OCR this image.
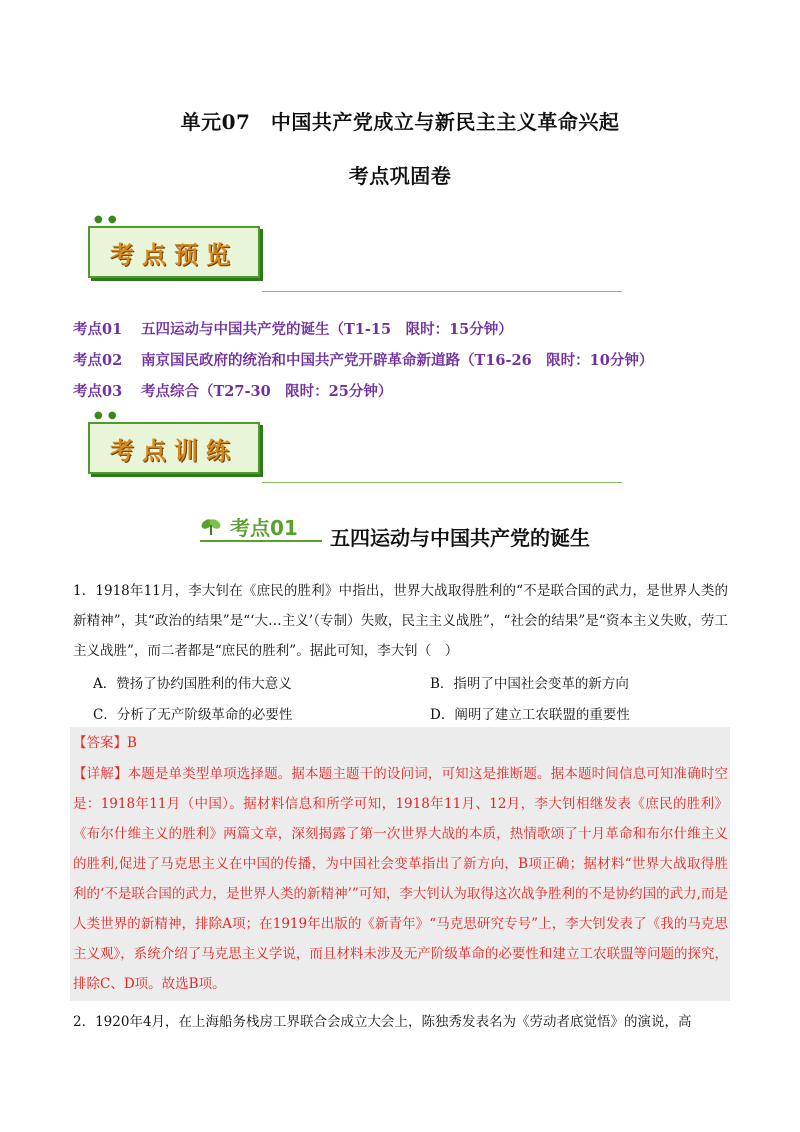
单元07　中国共产党成立与新民主主义革命兴起
考点巩固卷
● ●
考点预览
考点01 五四运动与中国共产党的诞生（T1-15　限时：15分钟）
考点02 南京国民政府的统治和中国共产党开辟革命新道路（T16-26　限时：10分钟）
考点03 考点综合（T27-30　限时：25分钟）
● ●
考点训练
考点01 五四运动与中国共产党的诞生
1．1918年11月，李大钊在《庶民的胜利》中指出，世界大战取得胜利的“不是联合国的武力，是世界人类的新精神”，其“政治的结果”是“‘大…主义’（专制）失败，民主主义战胜”，“社会的结果”是“资本主义失败，劳工主义战胜”，而二者都是“庶民的胜利”。据此可知，李大钊（　）
A．赞扬了协约国胜利的伟大意义	B．指明了中国社会变革的新方向
C．分析了无产阶级革命的必要性	D．阐明了建立工农联盟的重要性
【答案】B

【详解】本题是单类型单项选择题。据本题主题干的设问词，可知这是推断题。据本题时间信息可知准确时空是：1918年11月（中国）。据材料信息和所学可知，1918年11月、12月，李大钊相继发表《庶民的胜利》《布尔什维主义的胜利》两篇文章，深刻揭露了第一次世界大战的本质，热情歌颂了十月革命和布尔什维主义的胜利,促进了马克思主义在中国的传播，为中国社会变革指出了新方向，B项正确；据材料“世界大战取得胜利的‘不是联合国的武力，是世界人类的新精神’”可知，李大钊认为取得这次战争胜利的不是协约国的武力,而是人类世界的新精神，排除A项；在1919年出版的《新青年》“马克思研究专号”上，李大钊发表了《我的马克思主义观》，系统介绍了马克思主义学说，而且材料未涉及无产阶级革命的必要性和建立工农联盟等问题的探究，排除C、D项。故选B项。

2．1920年4月，在上海船务栈房工界联合会成立大会上，陈独秀发表名为《劳动者底觉悟》的演说，高
